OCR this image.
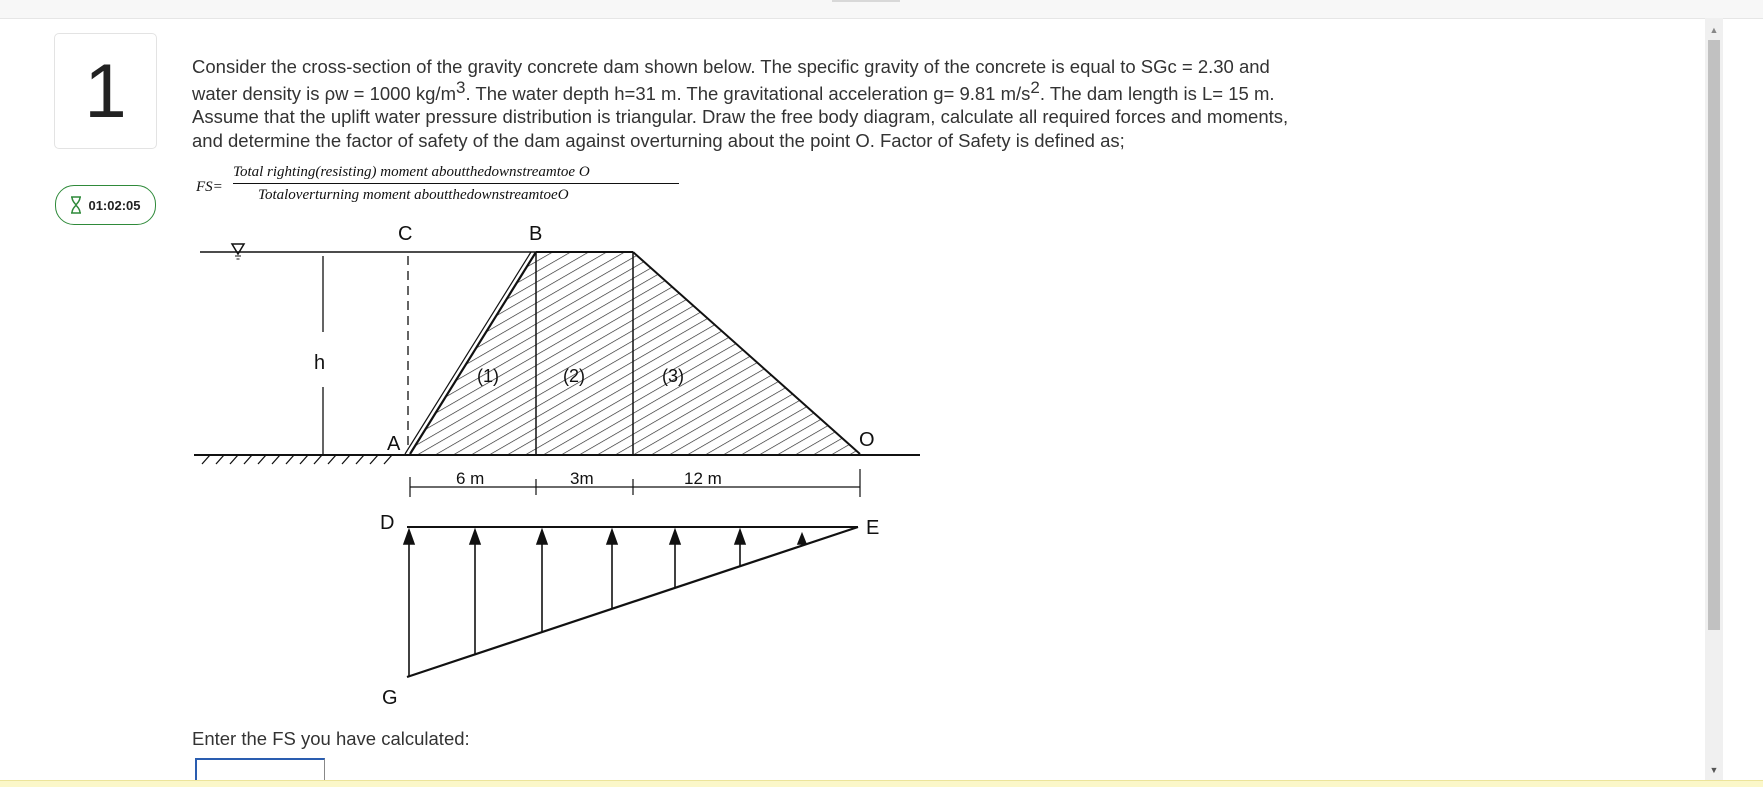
1
01:02:05

Consider the cross-section of the gravity concrete dam shown below. The specific gravity of the concrete is equal to SGc = 2.30 and

water density is ρw = 1000 $kg/m^3$. The water depth h=31 m. The gravitational acceleration g= 9.81 $m/s^2$. The dam length is L= 15 m.

Assume that the uplift water pressure distribution is triangular. Draw the free body diagram, calculate all required forces and moments,

and determine the factor of safety of the dam against overturning about the point O. Factor of Safety is defined as;

FS=
Total righting(resisting) moment aboutthedownstreamtoe O
Totaloverturning moment aboutthedownstreamtoeO
C	B
h
A	O
(1)	(2)	(3)
6 m	3m	12 m
D	E
G
Enter the FS you have calculated:
▲
▼
